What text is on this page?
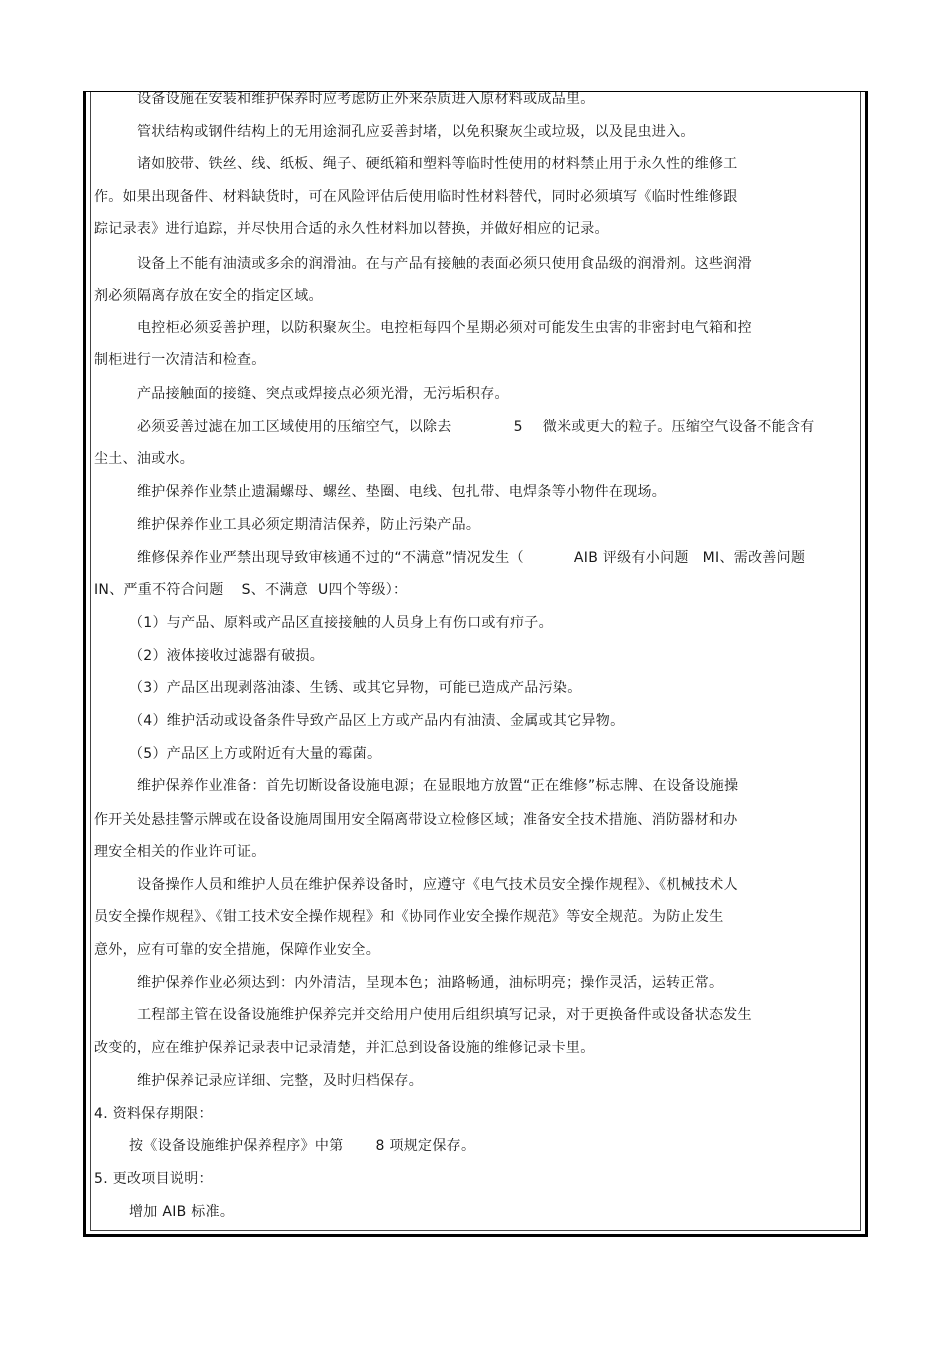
设备设施在安装和维护保养时应考虑防止外来杂质进入原材料或成品里。
管状结构或钢件结构上的无用途洞孔应妥善封堵，以免积聚灰尘或垃圾，以及昆虫进入。
诸如胶带、铁丝、线、纸板、绳子、硬纸箱和塑料等临时性使用的材料禁止用于永久性的维修工
作。如果出现备件、材料缺货时，可在风险评估后使用临时性材料替代，同时必须填写《临时性维修跟
踪记录表》进行追踪，并尽快用合适的永久性材料加以替换，并做好相应的记录。
设备上不能有油渍或多余的润滑油。在与产品有接触的表面必须只使用食品级的润滑剂。这些润滑
剂必须隔离存放在安全的指定区域。
电控柜必须妥善护理，以防积聚灰尘。电控柜每四个星期必须对可能发生虫害的非密封电气箱和控
制柜进行一次清洁和检查。
产品接触面的接缝、突点或焊接点必须光滑，无污垢积存。
必须妥善过滤在加工区域使用的压缩空气，以除去	5 微米或更大的粒子。压缩空气设备不能含有
尘土、油或水。
维护保养作业禁止遗漏螺母、螺丝、垫圈、电线、包扎带、电焊条等小物件在现场。
维护保养作业工具必须定期清洁保养，防止污染产品。
维修保养作业严禁出现导致审核通不过的“不满意”情况发生（	AIB 评级有小问题 MI、需改善问题
IN、严重不符合问题 S、不满意 U四个等级）：
（1）与产品、原料或产品区直接接触的人员身上有伤口或有疖子。
（2）液体接收过滤器有破损。
（3）产品区出现剥落油漆、生锈、或其它异物，可能已造成产品污染。
（4）维护活动或设备条件导致产品区上方或产品内有油渍、金属或其它异物。
（5）产品区上方或附近有大量的霉菌。
维护保养作业准备：首先切断设备设施电源；在显眼地方放置“正在维修”标志牌、在设备设施操
作开关处悬挂警示牌或在设备设施周围用安全隔离带设立检修区域；准备安全技术措施、消防器材和办
理安全相关的作业许可证。
设备操作人员和维护人员在维护保养设备时，应遵守《电气技术员安全操作规程》、《机械技术人
员安全操作规程》、《钳工技术安全操作规程》和《协同作业安全操作规范》等安全规范。为防止发生
意外，应有可靠的安全措施，保障作业安全。
维护保养作业必须达到：内外清洁，呈现本色；油路畅通，油标明亮；操作灵活，运转正常。
工程部主管在设备设施维护保养完并交给用户使用后组织填写记录，对于更换备件或设备状态发生
改变的，应在维护保养记录表中记录清楚，并汇总到设备设施的维修记录卡里。
维护保养记录应详细、完整，及时归档保存。
4. 资料保存期限：
按《设备设施维护保养程序》中第 8 项规定保存。
5. 更改项目说明：
增加 AIB 标准。
